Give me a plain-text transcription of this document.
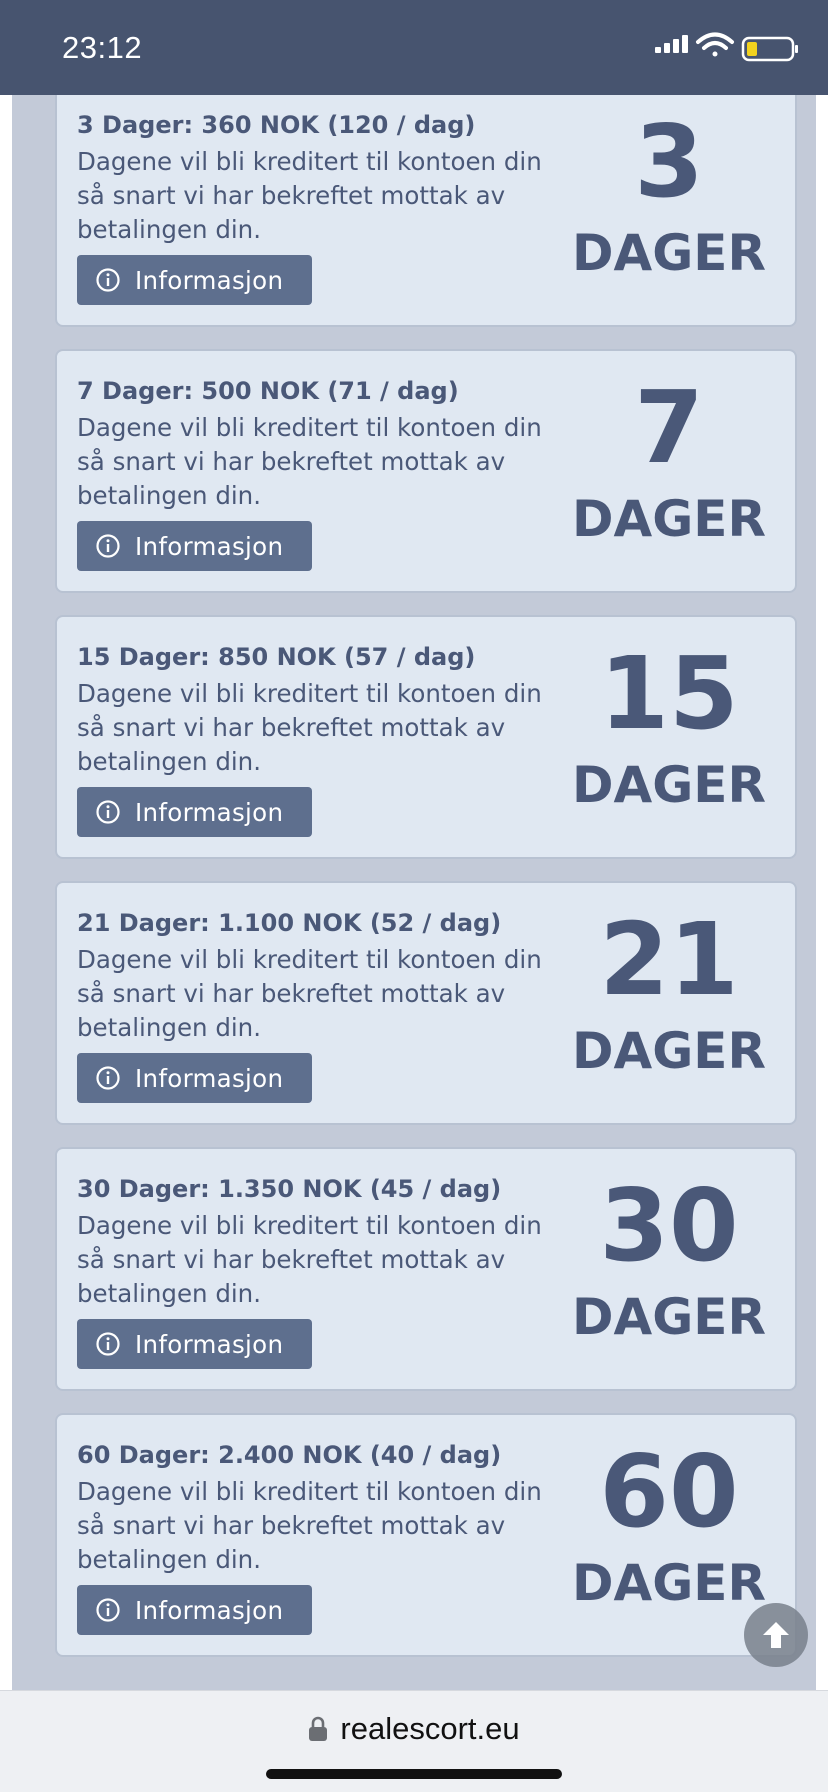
23:12
3 Dager: 360 NOK (120 / dag)
Dagene vil bli kreditert til kontoen din så snart vi har bekreftet mottak av betalingen din.
Informasjon
3
DAGER
7 Dager: 500 NOK (71 / dag)
Dagene vil bli kreditert til kontoen din så snart vi har bekreftet mottak av betalingen din.
Informasjon
7
DAGER
15 Dager: 850 NOK (57 / dag)
Dagene vil bli kreditert til kontoen din så snart vi har bekreftet mottak av betalingen din.
Informasjon
15
DAGER
21 Dager: 1.100 NOK (52 / dag)
Dagene vil bli kreditert til kontoen din så snart vi har bekreftet mottak av betalingen din.
Informasjon
21
DAGER
30 Dager: 1.350 NOK (45 / dag)
Dagene vil bli kreditert til kontoen din så snart vi har bekreftet mottak av betalingen din.
Informasjon
30
DAGER
60 Dager: 2.400 NOK (40 / dag)
Dagene vil bli kreditert til kontoen din så snart vi har bekreftet mottak av betalingen din.
Informasjon
60
DAGER
realescort.eu
